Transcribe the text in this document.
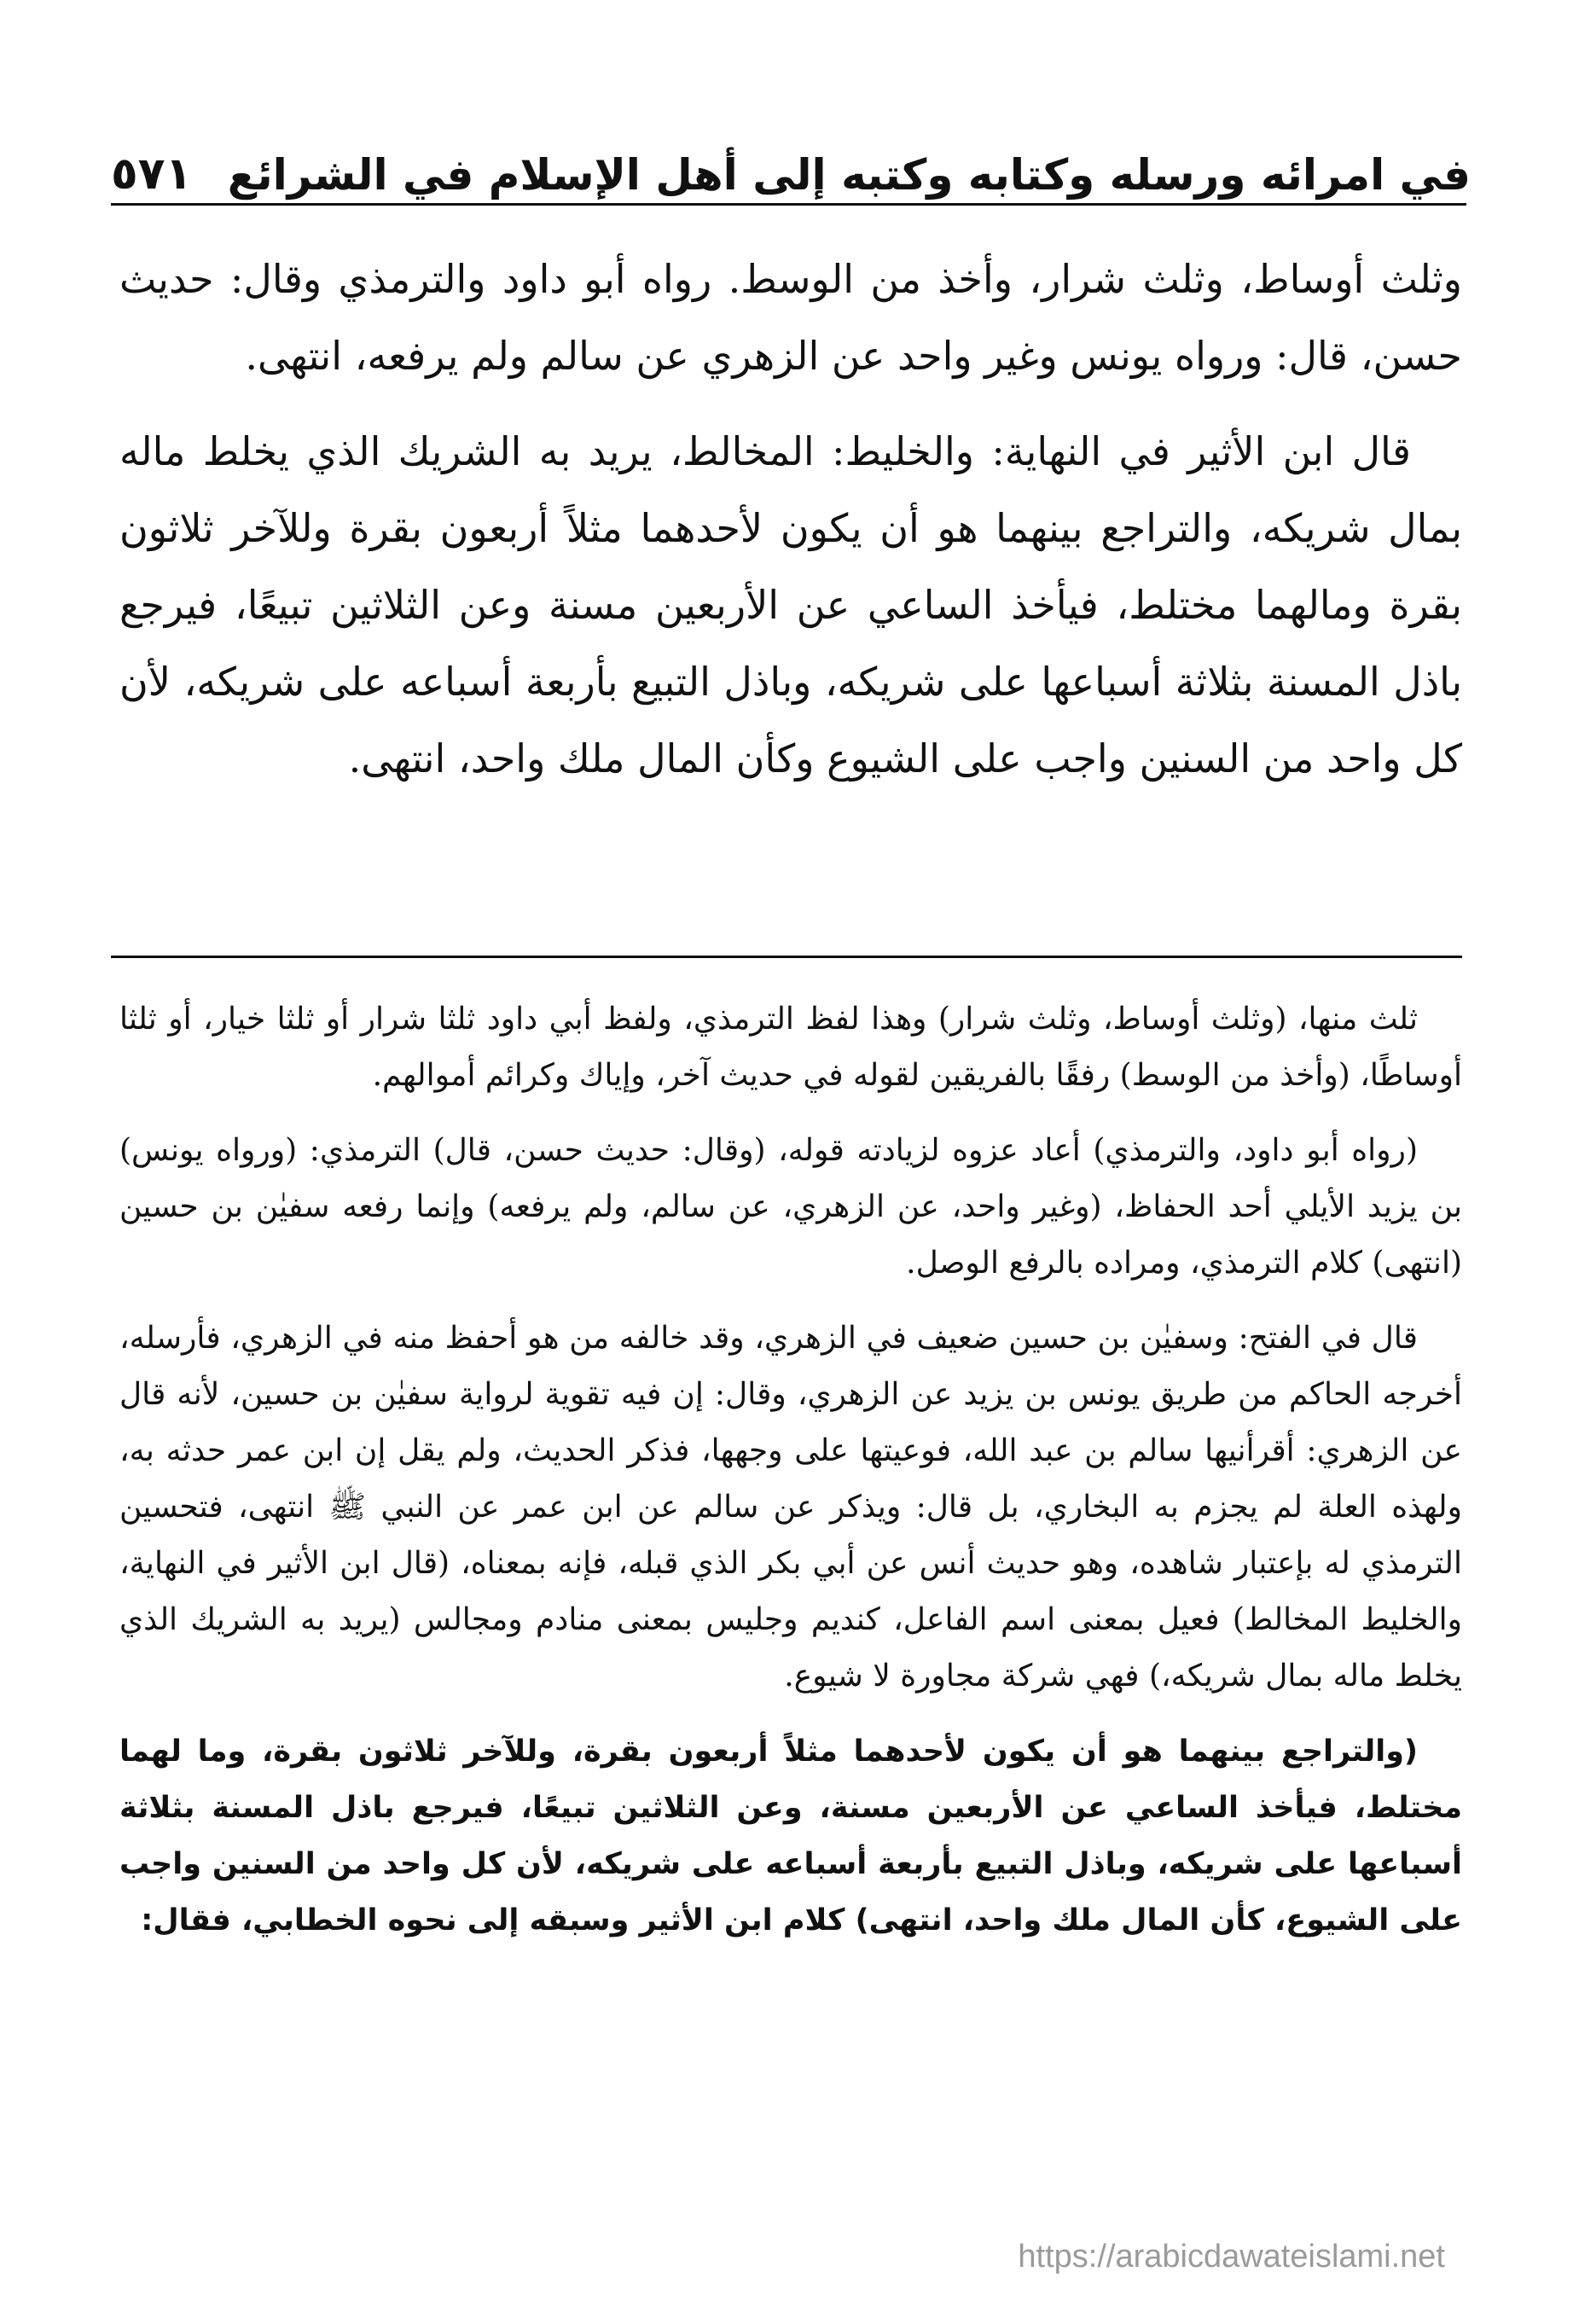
في امرائه ورسله وكتابه وكتبه إلى أهل الإسلام في الشرائع
٥٧١

وثلث أوساط، وثلث شرار، وأخذ من الوسط. رواه أبو داود والترمذي وقال: حديث حسن، قال: ورواه يونس وغير واحد عن الزهري عن سالم ولم يرفعه، انتهى.

قال ابن الأثير في النهاية: والخليط: المخالط، يريد به الشريك الذي يخلط ماله بمال شريكه، والتراجع بينهما هو أن يكون لأحدهما مثلاً أربعون بقرة وللآخر ثلاثون بقرة ومالهما مختلط، فيأخذ الساعي عن الأربعين مسنة وعن الثلاثين تبيعًا، فيرجع باذل المسنة بثلاثة أسباعها على شريكه، وباذل التبيع بأربعة أسباعه على شريكه، لأن كل واحد من السنين واجب على الشيوع وكأن المال ملك واحد، انتهى.

ثلث منها، (وثلث أوساط، وثلث شرار) وهذا لفظ الترمذي، ولفظ أبي داود ثلثا شرار أو ثلثا خيار، أو ثلثا أوساطًا، (وأخذ من الوسط) رفقًا بالفريقين لقوله في حديث آخر، وإياك وكرائم أموالهم.

(رواه أبو داود، والترمذي) أعاد عزوه لزيادته قوله، (وقال: حديث حسن، قال) الترمذي: (ورواه يونس) بن يزيد الأيلي أحد الحفاظ، (وغير واحد، عن الزهري، عن سالم، ولم يرفعه) وإنما رفعه سفيٰن بن حسين (انتهى) كلام الترمذي، ومراده بالرفع الوصل.

قال في الفتح: وسفيٰن بن حسين ضعيف في الزهري، وقد خالفه من هو أحفظ منه في الزهري، فأرسله، أخرجه الحاكم من طريق يونس بن يزيد عن الزهري، وقال: إن فيه تقوية لرواية سفيٰن بن حسين، لأنه قال عن الزهري: أقرأنيها سالم بن عبد الله، فوعيتها على وجهها، فذكر الحديث، ولم يقل إن ابن عمر حدثه به، ولهذه العلة لم يجزم به البخاري، بل قال: ويذكر عن سالم عن ابن عمر عن النبي ﷺ انتهى، فتحسين الترمذي له بإعتبار شاهده، وهو حديث أنس عن أبي بكر الذي قبله، فإنه بمعناه، (قال ابن الأثير في النهاية، والخليط المخالط) فعيل بمعنى اسم الفاعل، كنديم وجليس بمعنى منادم ومجالس (يريد به الشريك الذي يخلط ماله بمال شريكه،) فهي شركة مجاورة لا شيوع.

(والتراجع بينهما هو أن يكون لأحدهما مثلاً أربعون بقرة، وللآخر ثلاثون بقرة، وما لهما مختلط، فيأخذ الساعي عن الأربعين مسنة، وعن الثلاثين تبيعًا، فيرجع باذل المسنة بثلاثة أسباعها على شريكه، وباذل التبيع بأربعة أسباعه على شريكه، لأن كل واحد من السنين واجب على الشيوع، كأن المال ملك واحد، انتهى) كلام ابن الأثير وسبقه إلى نحوه الخطابي، فقال:

https://arabicdawateislami.net
